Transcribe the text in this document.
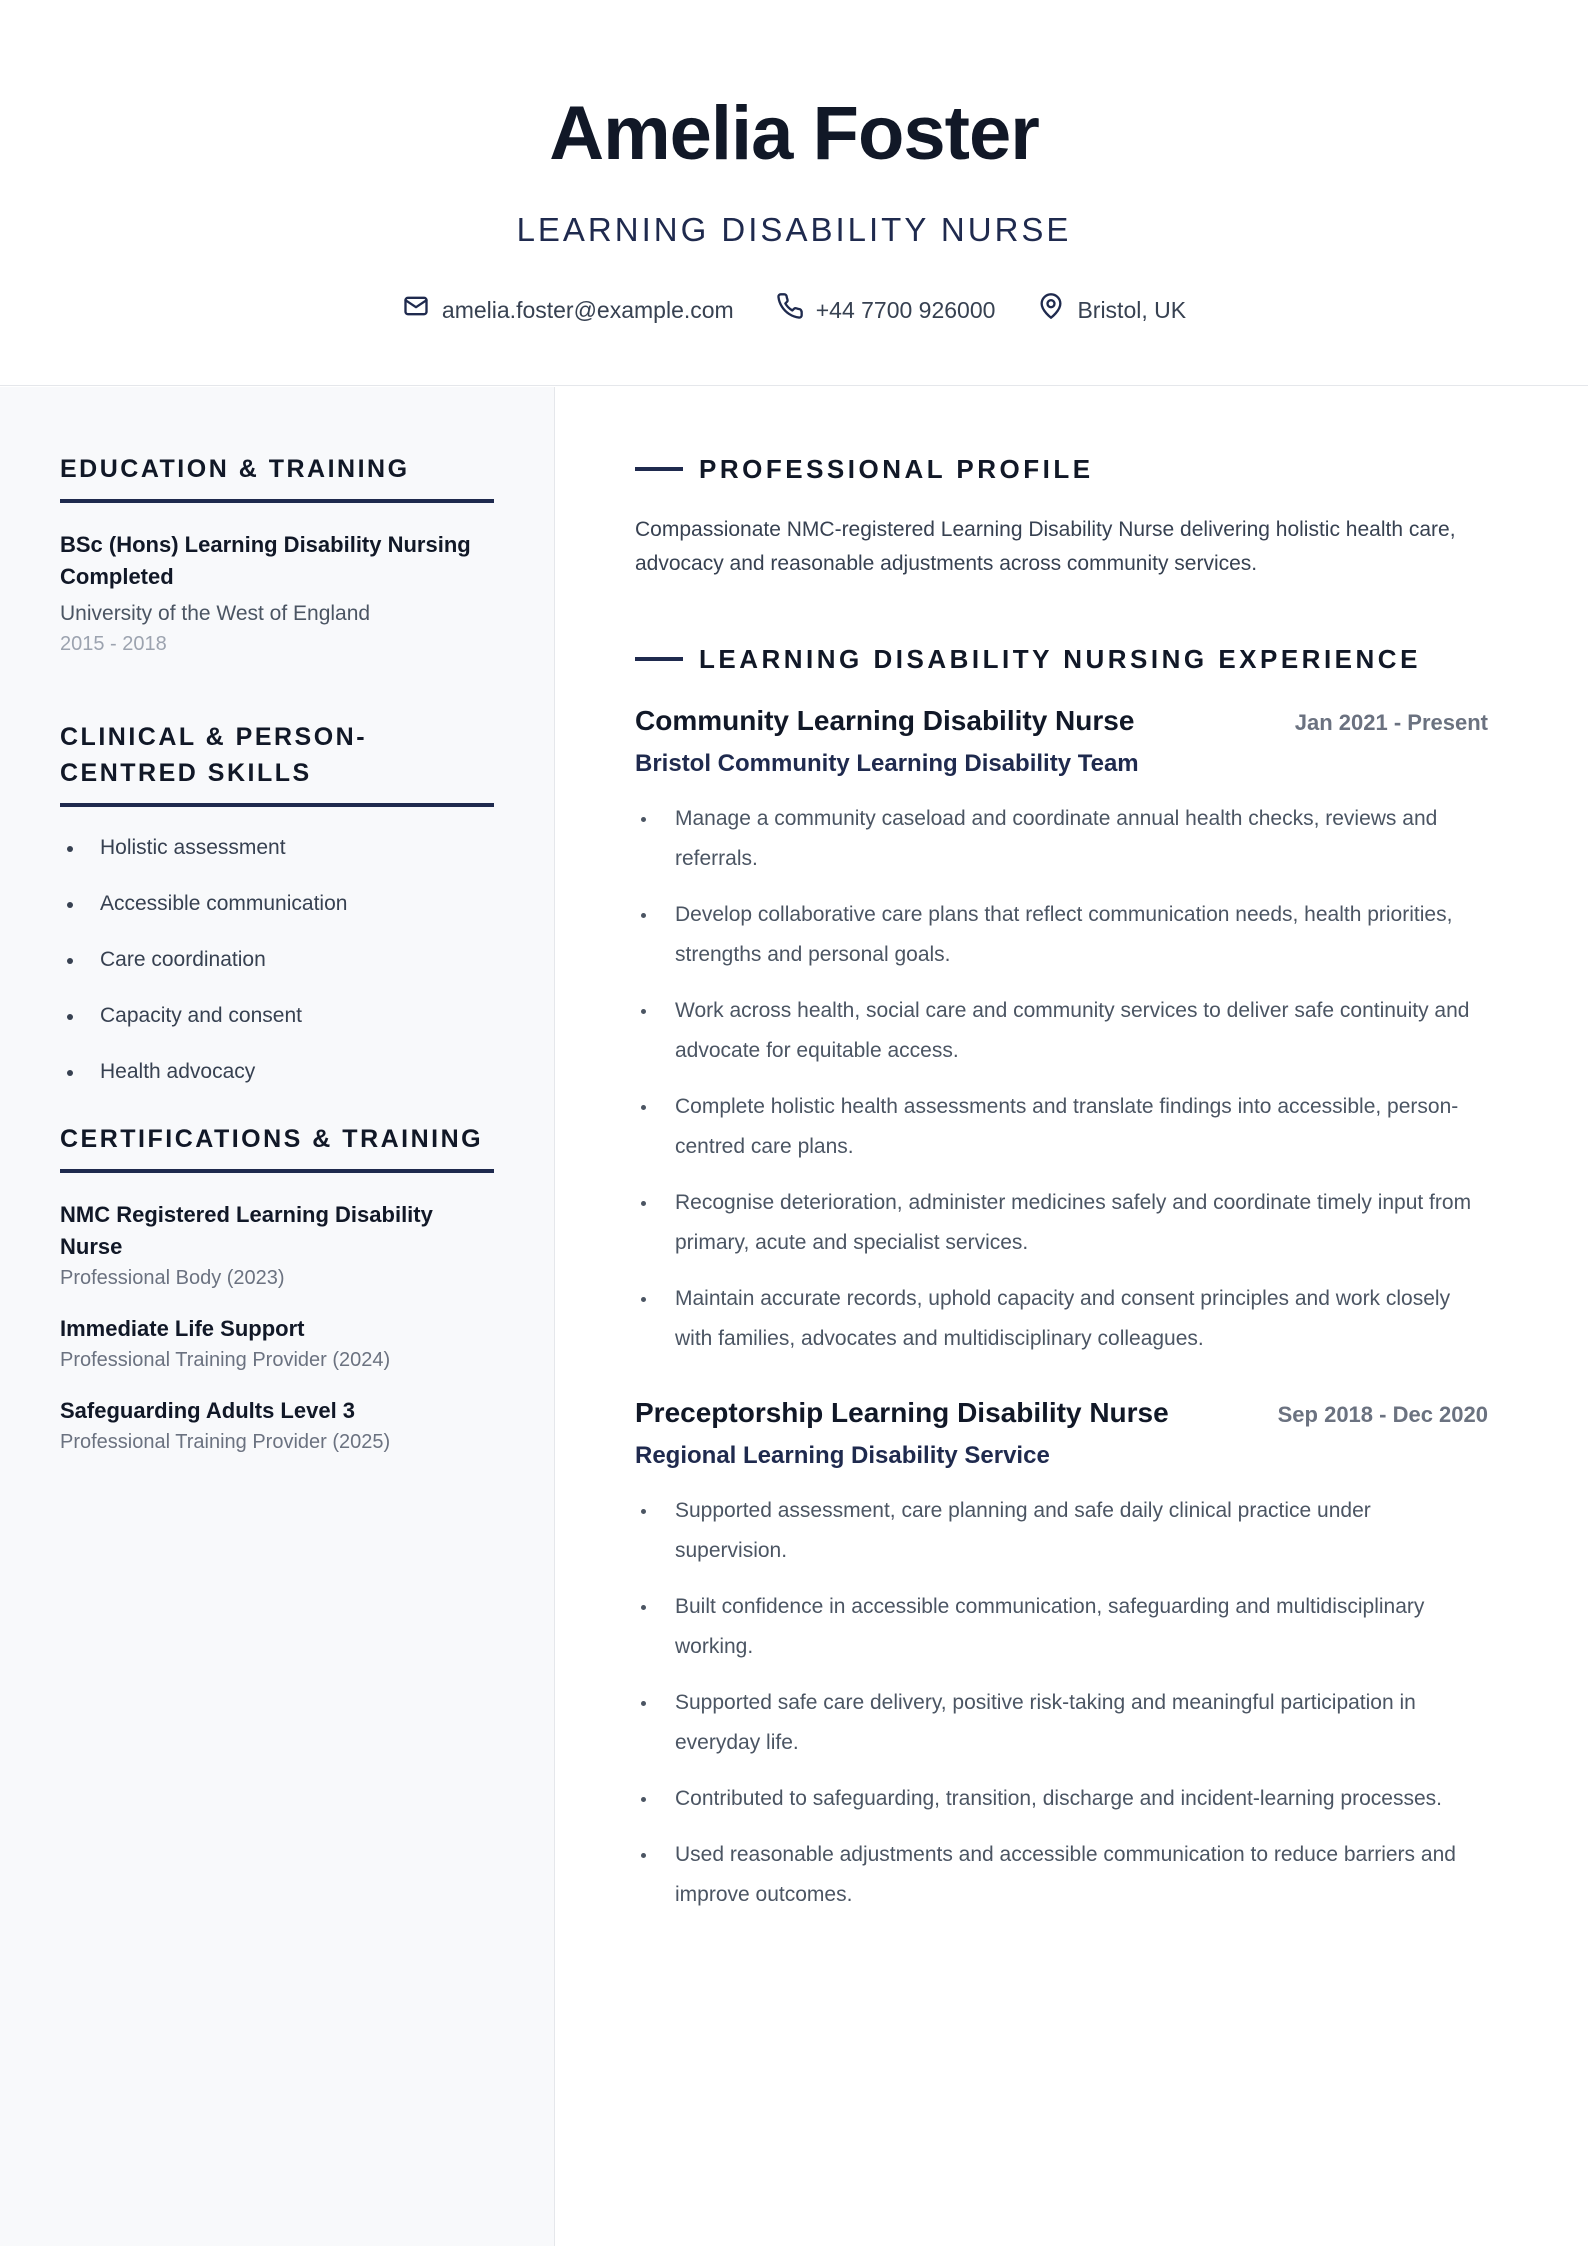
Amelia Foster
LEARNING DISABILITY NURSE
amelia.foster@example.com	+44 7700 926000	Bristol, UK
EDUCATION & TRAINING
BSc (Hons) Learning Disability Nursing Completed
University of the West of England
2015 - 2018
CLINICAL & PERSON-CENTRED SKILLS
Holistic assessment
Accessible communication
Care coordination
Capacity and consent
Health advocacy
CERTIFICATIONS & TRAINING
NMC Registered Learning Disability Nurse
Professional Body (2023)
Immediate Life Support
Professional Training Provider (2024)
Safeguarding Adults Level 3
Professional Training Provider (2025)
PROFESSIONAL PROFILE

Compassionate NMC-registered Learning Disability Nurse delivering holistic health care, advocacy and reasonable adjustments across community services.

LEARNING DISABILITY NURSING EXPERIENCE
Community Learning Disability Nurse	Jan 2021 - Present
Bristol Community Learning Disability Team
Manage a community caseload and coordinate annual health checks, reviews and referrals.
Develop collaborative care plans that reflect communication needs, health priorities, strengths and personal goals.
Work across health, social care and community services to deliver safe continuity and advocate for equitable access.
Complete holistic health assessments and translate findings into accessible, person-centred care plans.
Recognise deterioration, administer medicines safely and coordinate timely input from primary, acute and specialist services.
Maintain accurate records, uphold capacity and consent principles and work closely with families, advocates and multidisciplinary colleagues.
Preceptorship Learning Disability Nurse	Sep 2018 - Dec 2020
Regional Learning Disability Service
Supported assessment, care planning and safe daily clinical practice under supervision.
Built confidence in accessible communication, safeguarding and multidisciplinary working.
Supported safe care delivery, positive risk-taking and meaningful participation in everyday life.
Contributed to safeguarding, transition, discharge and incident-learning processes.
Used reasonable adjustments and accessible communication to reduce barriers and improve outcomes.
